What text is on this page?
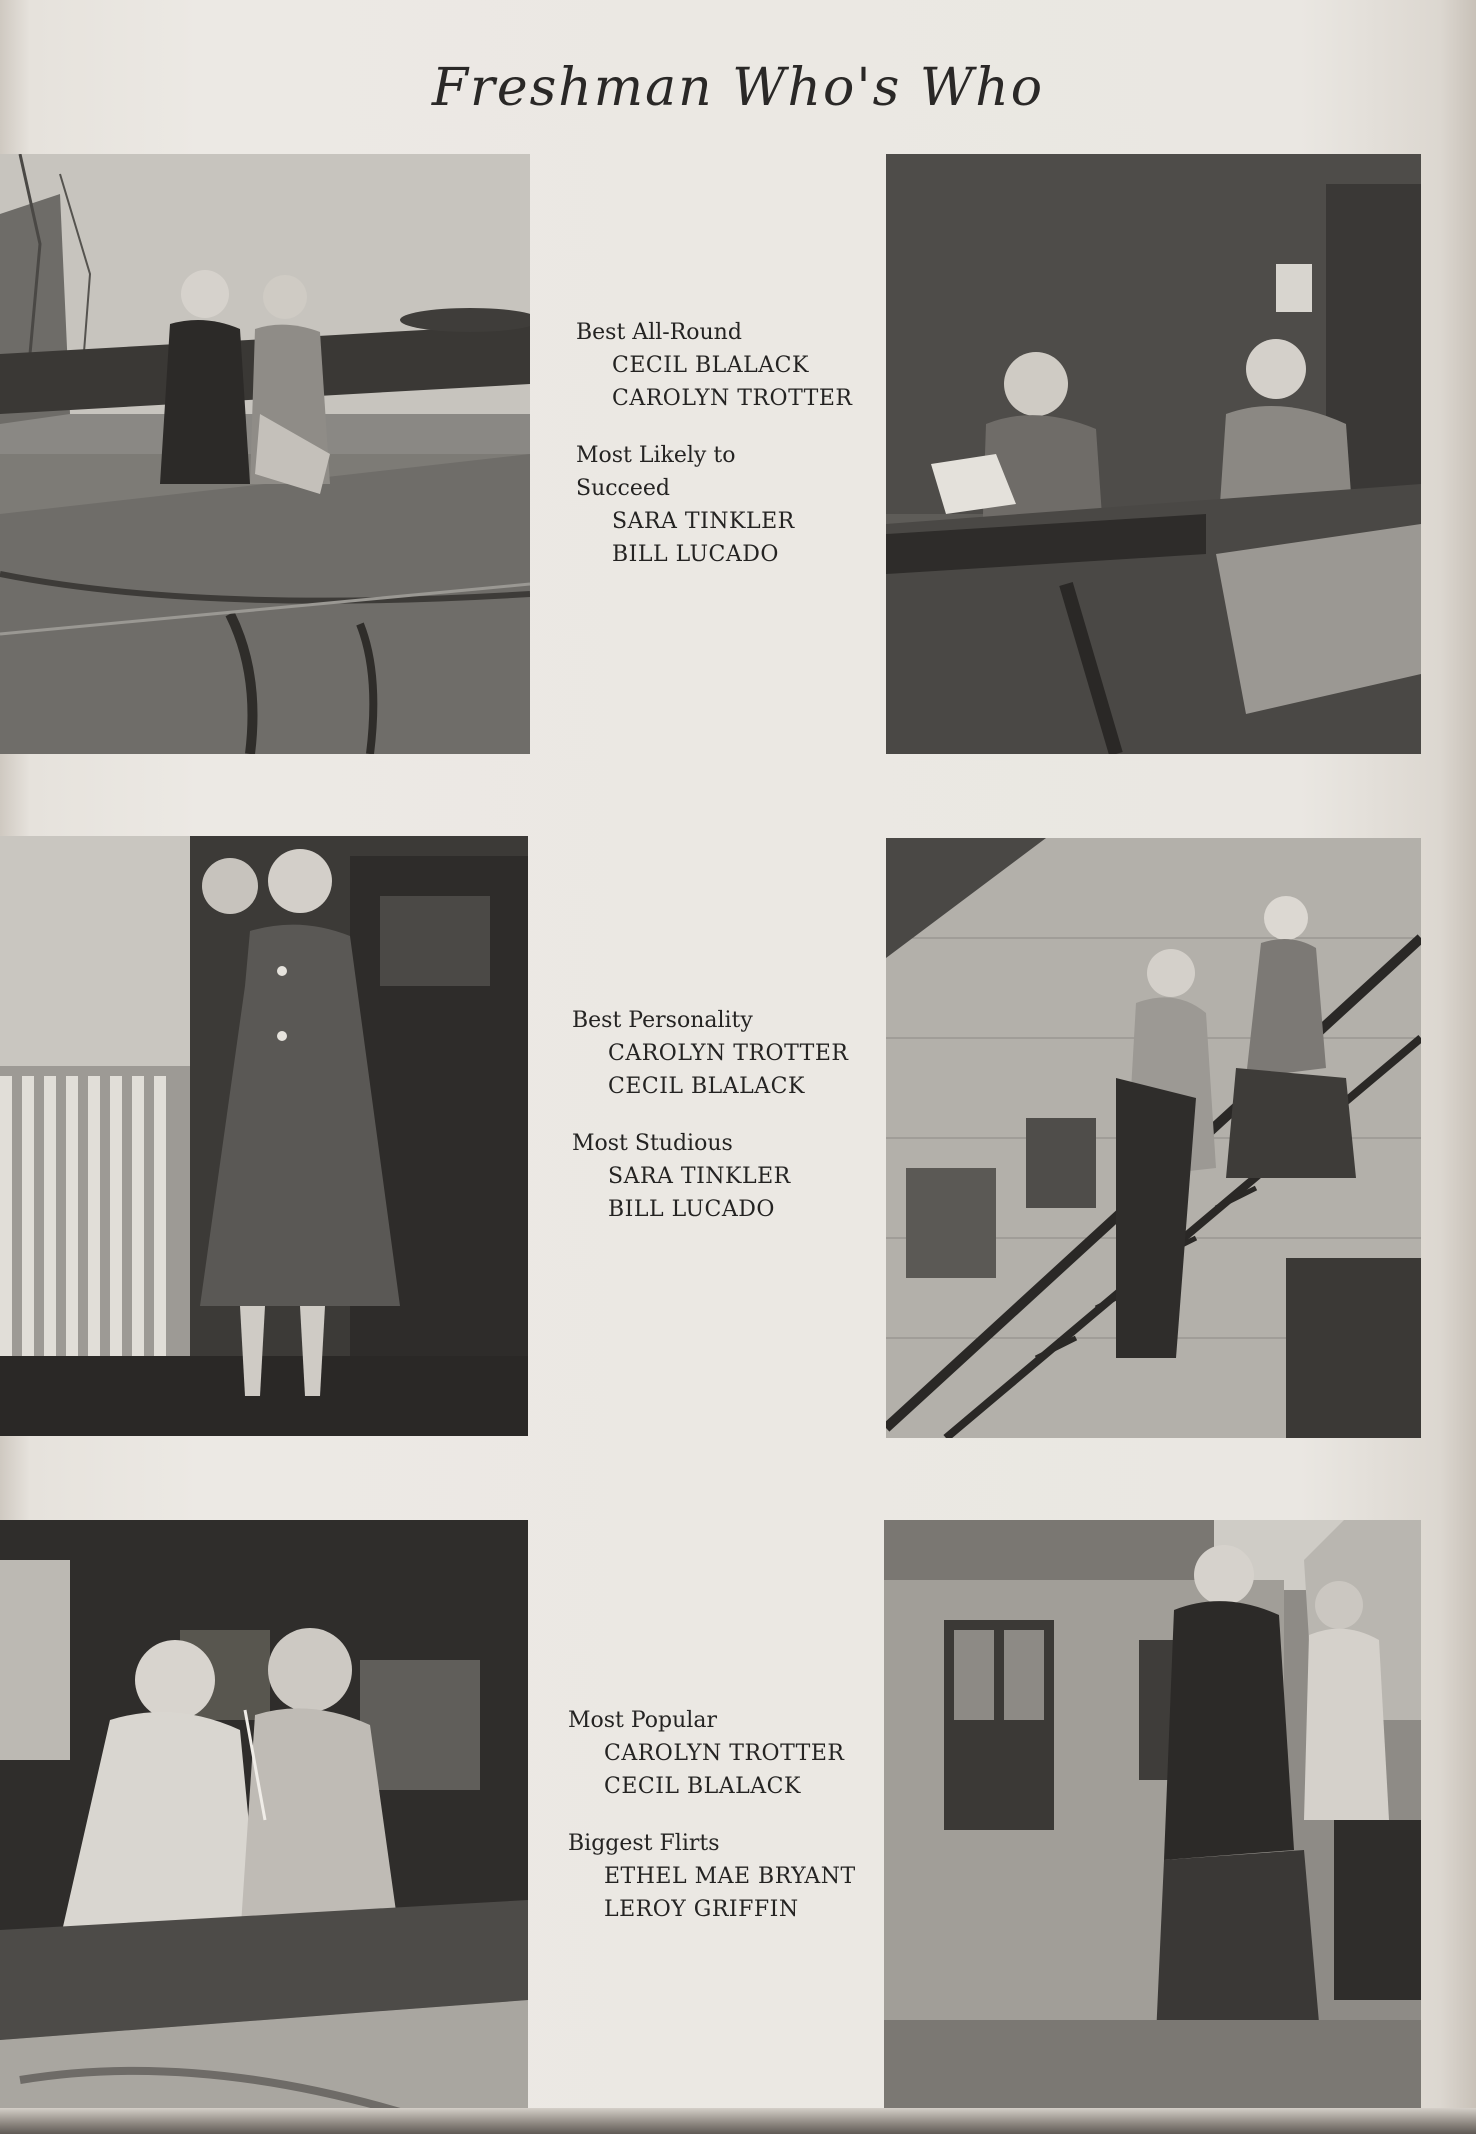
Freshman Who's Who
Best All-Round
CECIL BLALACK
CAROLYN TROTTER
Most Likely to
Succeed
SARA TINKLER
BILL LUCADO
Best Personality
CAROLYN TROTTER
CECIL BLALACK
Most Studious
SARA TINKLER
BILL LUCADO
Most Popular
CAROLYN TROTTER
CECIL BLALACK
Biggest Flirts
ETHEL MAE BRYANT
LEROY GRIFFIN
